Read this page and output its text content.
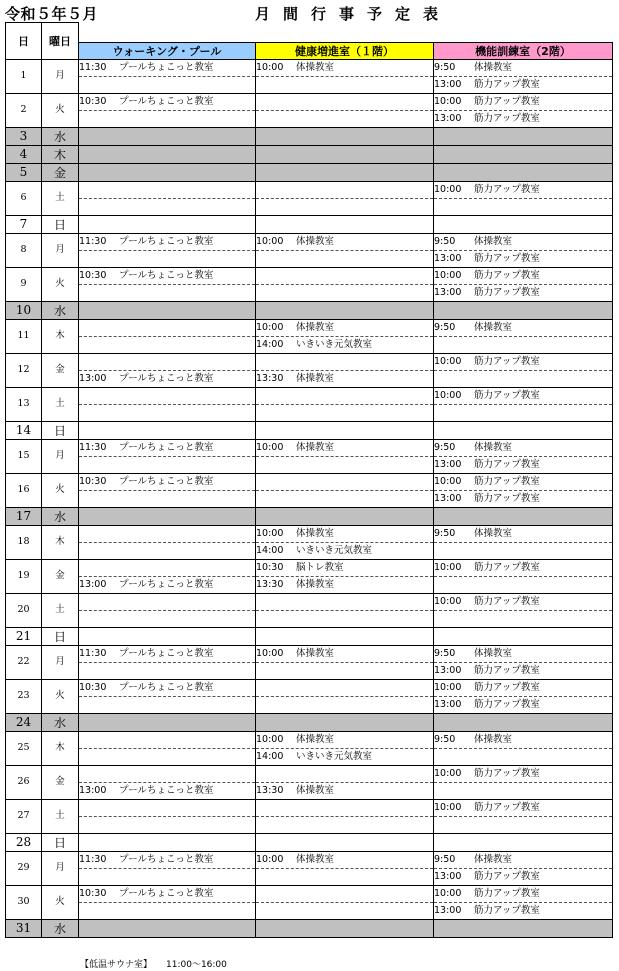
令和５年５月	月間行事予定表
日	曜日			
		ウォーキング・プール	健康増進室（１階）	機能訓練室（2階）
1	月	11:30 プールちょこっと教室	10:00 体操教室	9:50 体操教室
				13:00 筋力アップ教室
2	火	10:30 プールちょこっと教室		10:00 筋力アップ教室
				13:00 筋力アップ教室
3	水			
4	木			
5	金			
6	土			10:00 筋力アップ教室

7	日			
8	月	11:30 プールちょこっと教室	10:00 体操教室	9:50 体操教室
				13:00 筋力アップ教室
9	火	10:30 プールちょこっと教室		10:00 筋力アップ教室
				13:00 筋力アップ教室
10	水			
11	木		10:00 体操教室	9:50 体操教室
			14:00 いきいき元気教室	
12	金			10:00 筋力アップ教室
		13:00 プールちょこっと教室	13:30 体操教室	
13	土			10:00 筋力アップ教室

14	日			
15	月	11:30 プールちょこっと教室	10:00 体操教室	9:50 体操教室
				13:00 筋力アップ教室
16	火	10:30 プールちょこっと教室		10:00 筋力アップ教室
				13:00 筋力アップ教室
17	水			
18	木		10:00 体操教室	9:50 体操教室
			14:00 いきいき元気教室	
19	金		10:30 脳トレ教室	10:00 筋力アップ教室
		13:00 プールちょこっと教室	13:30 体操教室	
20	土			10:00 筋力アップ教室

21	日			
22	月	11:30 プールちょこっと教室	10:00 体操教室	9:50 体操教室
				13:00 筋力アップ教室
23	火	10:30 プールちょこっと教室		10:00 筋力アップ教室
				13:00 筋力アップ教室
24	水			
25	木		10:00 体操教室	9:50 体操教室
			14:00 いきいき元気教室	
26	金			10:00 筋力アップ教室
		13:00 プールちょこっと教室	13:30 体操教室	
27	土			10:00 筋力アップ教室

28	日			
29	月	11:30 プールちょこっと教室	10:00 体操教室	9:50 体操教室
				13:00 筋力アップ教室
30	火	10:30 プールちょこっと教室		10:00 筋力アップ教室
				13:00 筋力アップ教室
31	水			
【低温サウナ室】 11:00～16:00
